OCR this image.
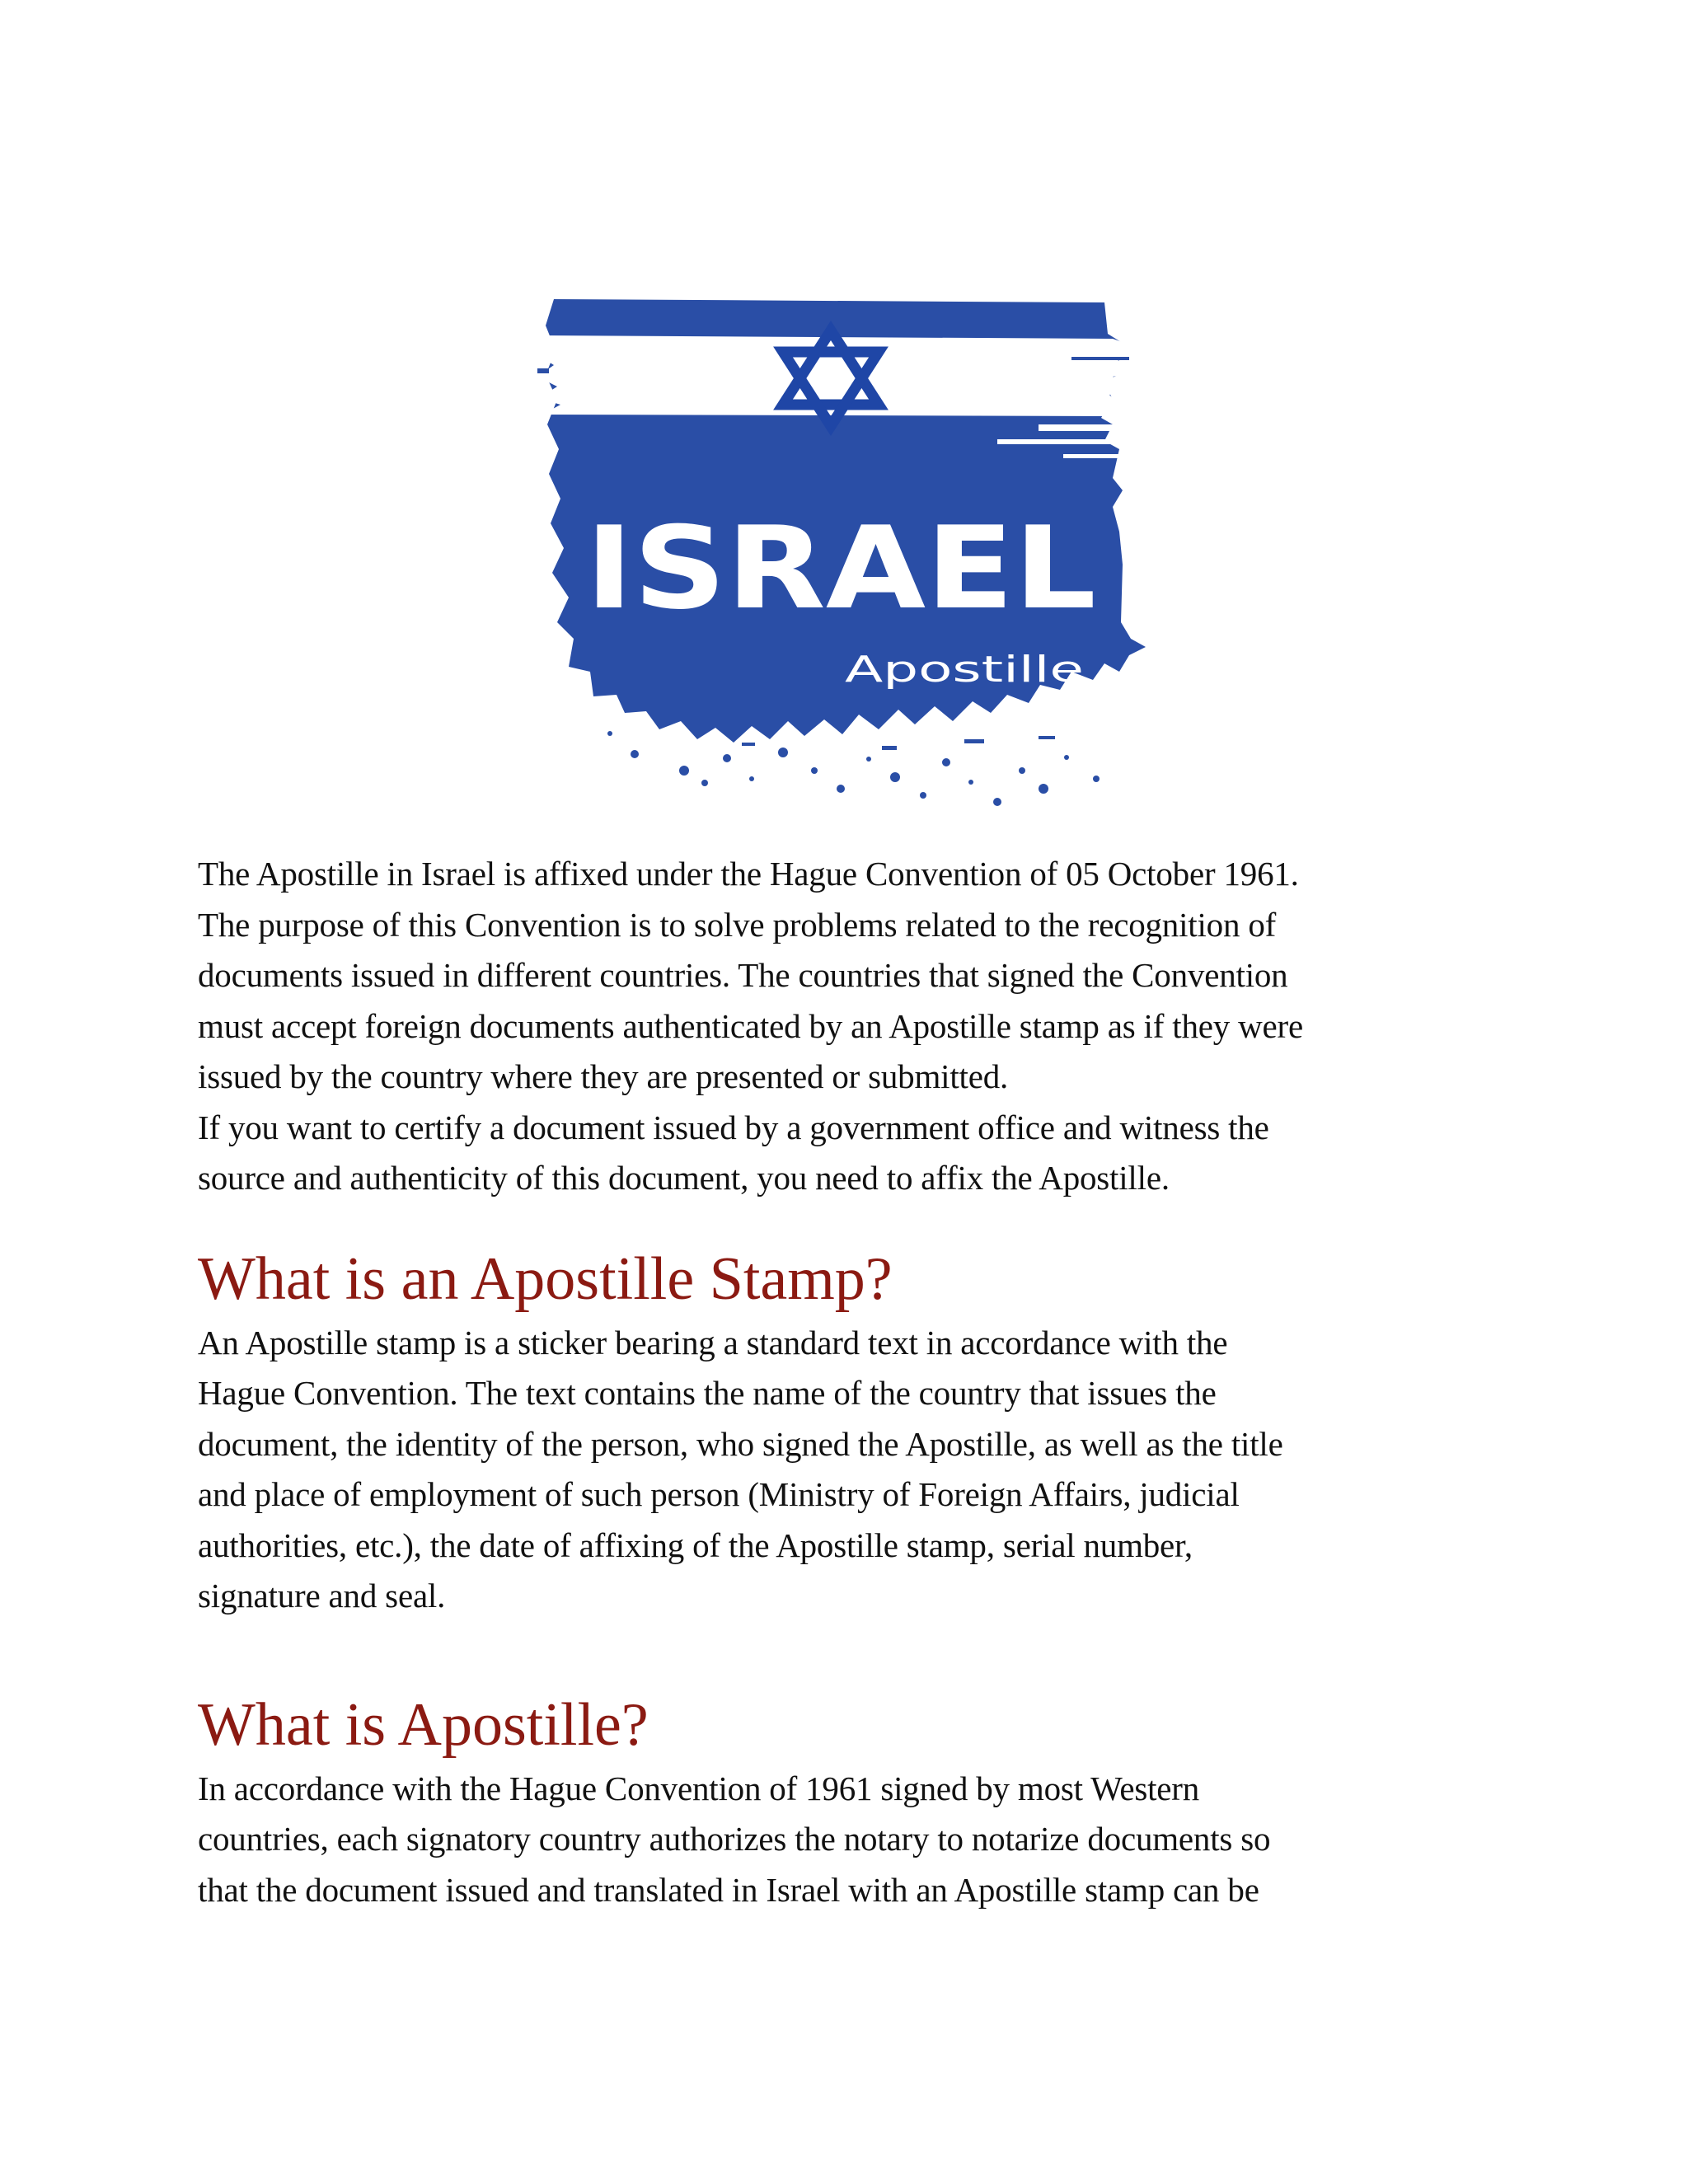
ISRAEL
Apostille

The Apostille in Israel is affixed under the Hague Convention of 05 October 1961.
The purpose of this Convention is to solve problems related to the recognition of
documents issued in different countries. The countries that signed the Convention
must accept foreign documents authenticated by an Apostille stamp as if they were
issued by the country where they are presented or submitted.
If you want to certify a document issued by a government office and witness the
source and authenticity of this document, you need to affix the Apostille.

What is an Apostille Stamp?

An Apostille stamp is a sticker bearing a standard text in accordance with the
Hague Convention. The text contains the name of the country that issues the
document, the identity of the person, who signed the Apostille, as well as the title
and place of employment of such person (Ministry of Foreign Affairs, judicial
authorities, etc.), the date of affixing of the Apostille stamp, serial number,
signature and seal.

What is Apostille?

In accordance with the Hague Convention of 1961 signed by most Western
countries, each signatory country authorizes the notary to notarize documents so
that the document issued and translated in Israel with an Apostille stamp can be
